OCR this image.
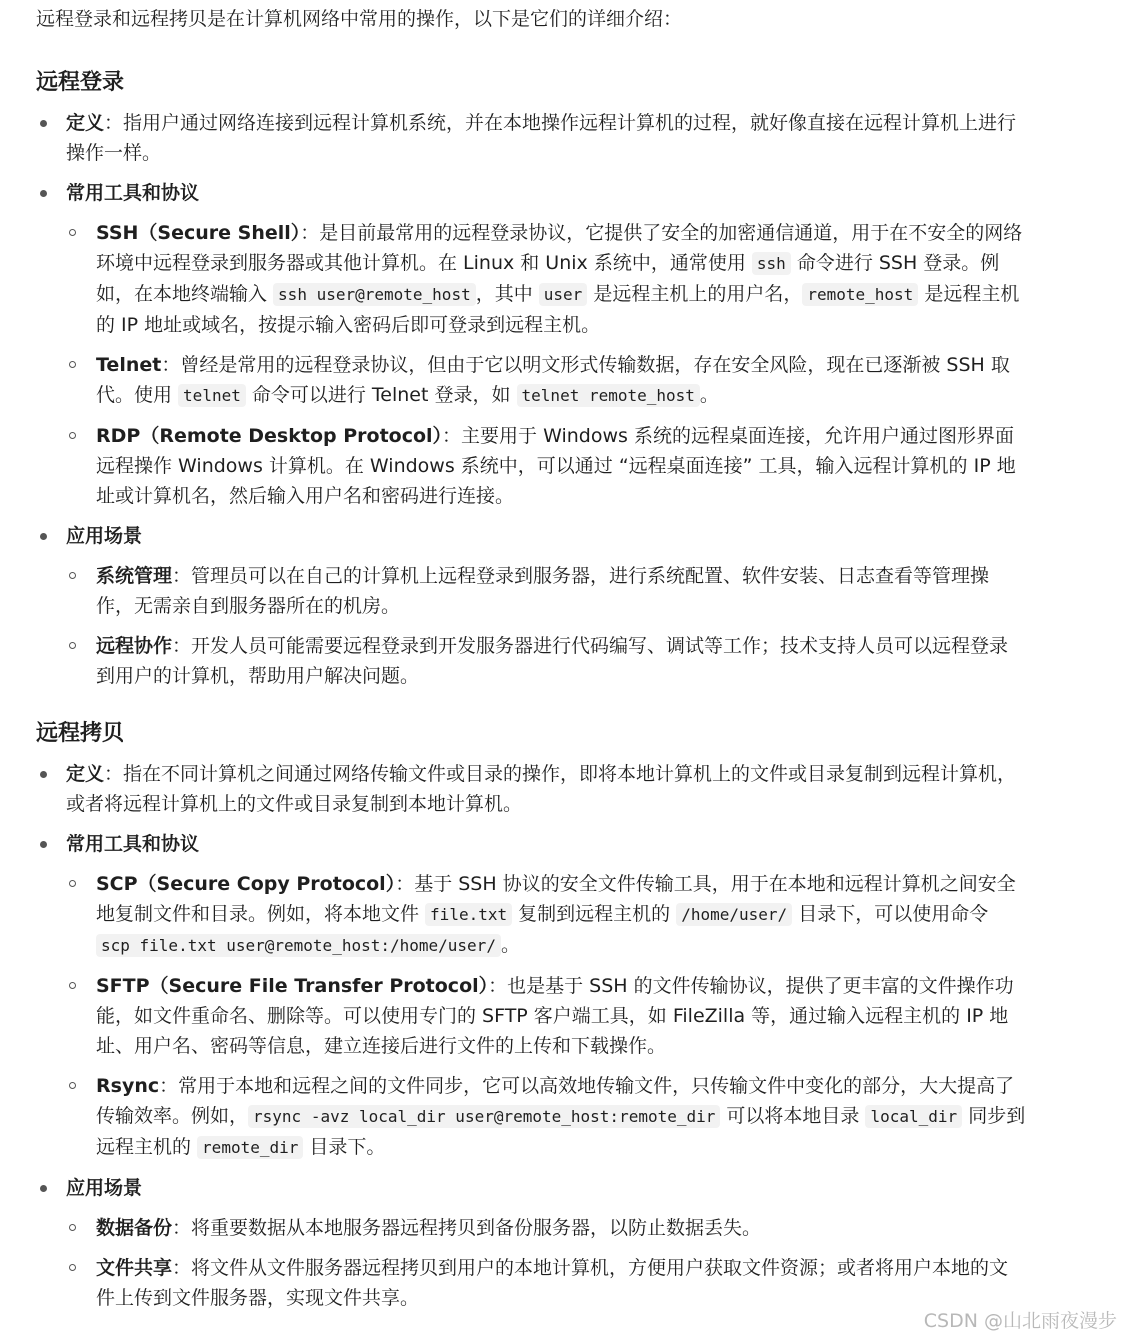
远程登录和远程拷贝是在计算机网络中常用的操作，以下是它们的详细介绍：

远程登录
定义：指用户通过网络连接到远程计算机系统，并在本地操作远程计算机的过程，就好像直接在远程计算机上进行操作一样。
常用工具和协议
SSH（Secure Shell）：是目前最常用的远程登录协议，它提供了安全的加密通信通道，用于在不安全的网络环境中远程登录到服务器或其他计算机。在 Linux 和 Unix 系统中，通常使用 ssh 命令进行 SSH 登录。例如，在本地终端输入 ssh user@remote_host ，其中 user 是远程主机上的用户名， remote_host 是远程主机的 IP 地址或域名，按提示输入密码后即可登录到远程主机。
Telnet：曾经是常用的远程登录协议，但由于它以明文形式传输数据，存在安全风险，现在已逐渐被 SSH 取代。使用 telnet 命令可以进行 Telnet 登录，如 telnet remote_host 。
RDP（Remote Desktop Protocol）：主要用于 Windows 系统的远程桌面连接，允许用户通过图形界面远程操作 Windows 计算机。在 Windows 系统中，可以通过 “远程桌面连接” 工具，输入远程计算机的 IP 地址或计算机名，然后输入用户名和密码进行连接。
应用场景
系统管理：管理员可以在自己的计算机上远程登录到服务器，进行系统配置、软件安装、日志查看等管理操作，无需亲自到服务器所在的机房。
远程协作：开发人员可能需要远程登录到开发服务器进行代码编写、调试等工作；技术支持人员可以远程登录到用户的计算机，帮助用户解决问题。
远程拷贝
定义：指在不同计算机之间通过网络传输文件或目录的操作，即将本地计算机上的文件或目录复制到远程计算机，或者将远程计算机上的文件或目录复制到本地计算机。
常用工具和协议
SCP（Secure Copy Protocol）：基于 SSH 协议的安全文件传输工具，用于在本地和远程计算机之间安全地复制文件和目录。例如，将本地文件 file.txt 复制到远程主机的 /home/user/ 目录下，可以使用命令 scp file.txt user@remote_host:/home/user/ 。
SFTP（Secure File Transfer Protocol）：也是基于 SSH 的文件传输协议，提供了更丰富的文件操作功能，如文件重命名、删除等。可以使用专门的 SFTP 客户端工具，如 FileZilla 等，通过输入远程主机的 IP 地址、用户名、密码等信息，建立连接后进行文件的上传和下载操作。
Rsync：常用于本地和远程之间的文件同步，它可以高效地传输文件，只传输文件中变化的部分，大大提高了传输效率。例如， rsync -avz local_dir user@remote_host:remote_dir 可以将本地目录 local_dir 同步到远程主机的 remote_dir 目录下。
应用场景
数据备份：将重要数据从本地服务器远程拷贝到备份服务器，以防止数据丢失。
文件共享：将文件从文件服务器远程拷贝到用户的本地计算机，方便用户获取文件资源；或者将用户本地的文件上传到文件服务器，实现文件共享。
CSDN @山北雨夜漫步
